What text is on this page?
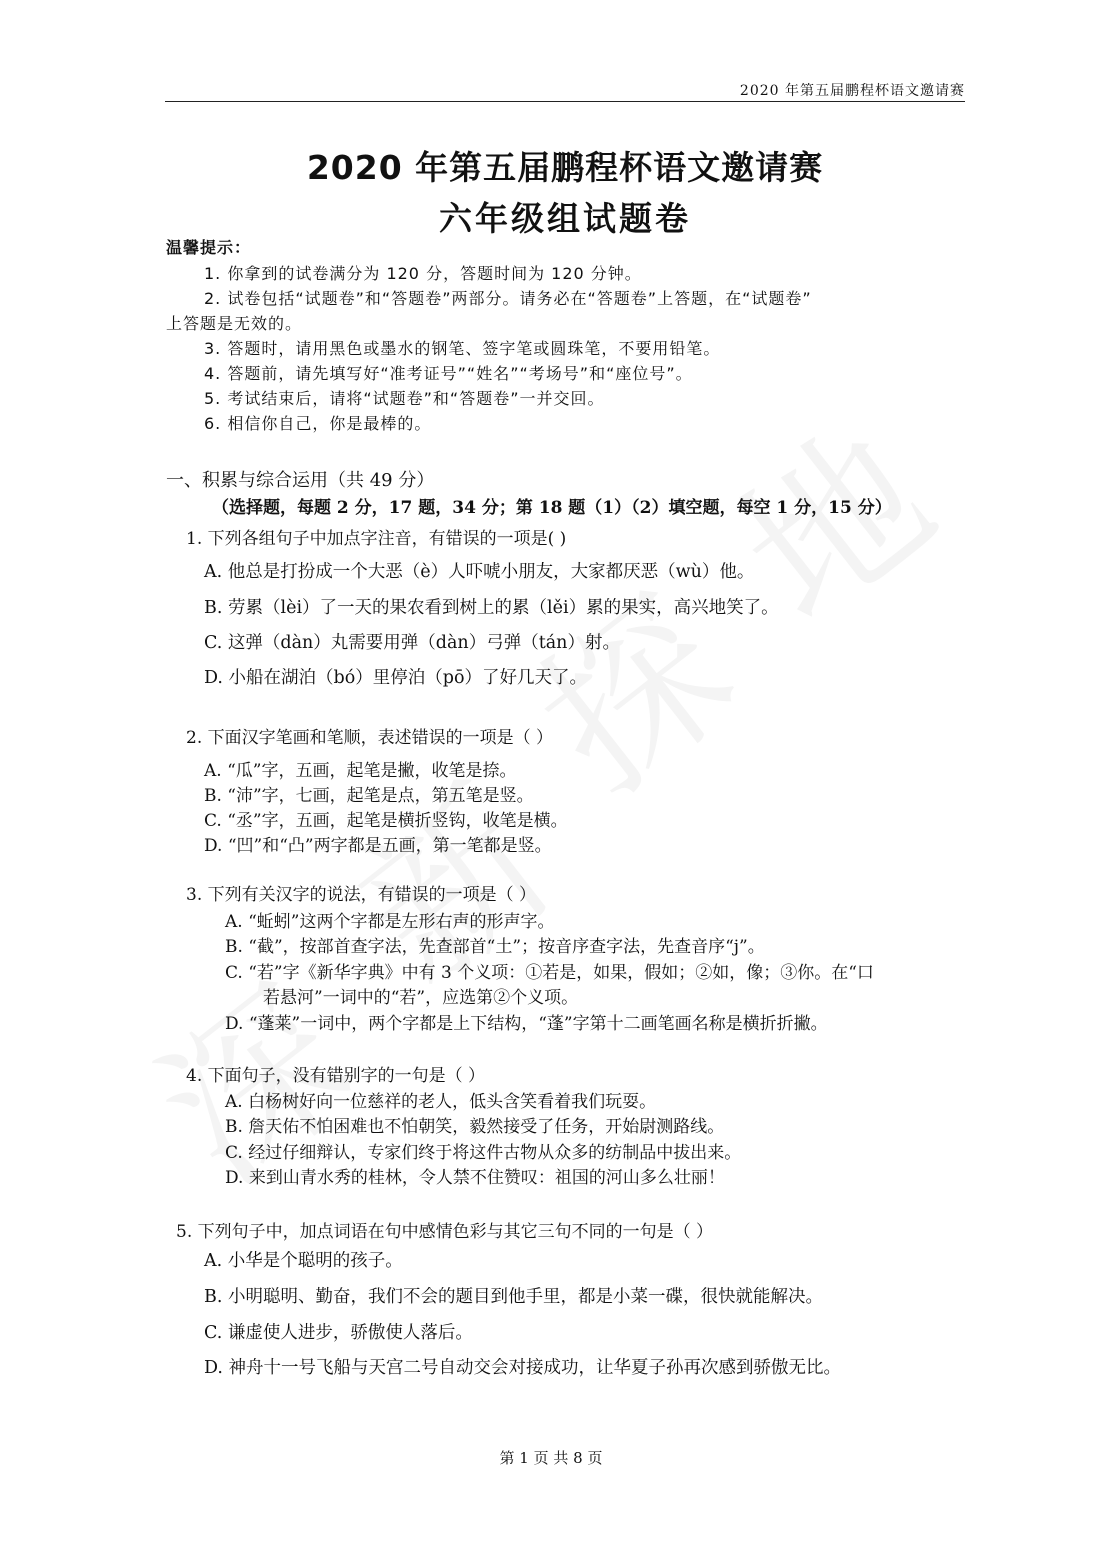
2020 年第五届鹏程杯语文邀请赛
2020 年第五届鹏程杯语文邀请赛
六年级组试题卷
温馨提示：
1. 你拿到的试卷满分为 120 分，答题时间为 120 分钟。
2. 试卷包括“试题卷”和“答题卷”两部分。请务必在“答题卷”上答题，在“试题卷”
上答题是无效的。
3. 答题时，请用黑色或墨水的钢笔、签字笔或圆珠笔，不要用铅笔。
4. 答题前，请先填写好“准考证号”“姓名”“考场号”和“座位号”。
5. 考试结束后，请将“试题卷”和“答题卷”一并交回。
6. 相信你自己，你是最棒的。
一、积累与综合运用（共 49 分）
（选择题，每题 2 分，17 题，34 分；第 18 题（1）（2）填空题，每空 1 分，15 分）
1. 下列各组句子中加点字注音，有错误的一项是( )
A. 他总是打扮成一个大恶（è）人吓唬小朋友，大家都厌恶（wù）他。
B. 劳累（lèi）了一天的果农看到树上的累（lěi）累的果实，高兴地笑了。
C. 这弹（dàn）丸需要用弹（dàn）弓弹（tán）射。
D. 小船在湖泊（bó）里停泊（pō）了好几天了。
2. 下面汉字笔画和笔顺，表述错误的一项是（ ）
A. “瓜”字，五画，起笔是撇，收笔是捺。
B. “沛”字，七画，起笔是点，第五笔是竖。
C. “丞”字，五画，起笔是横折竖钩，收笔是横。
D. “凹”和“凸”两字都是五画，第一笔都是竖。
3. 下列有关汉字的说法，有错误的一项是（ ）
A. “蚯蚓”这两个字都是左形右声的形声字。
B. “截”，按部首查字法，先查部首“土”；按音序查字法，先查音序“j”。
C. “若”字《新华字典》中有 3 个义项：①若是，如果，假如；②如，像；③你。在“口
若悬河”一词中的“若”，应选第②个义项。
D. “蓬莱”一词中，两个字都是上下结构，“蓬”字第十二画笔画名称是横折折撇。
4. 下面句子，没有错别字的一句是（ ）
A. 白杨树好向一位慈祥的老人，低头含笑看着我们玩耍。
B. 詹天佑不怕困难也不怕朝笑，毅然接受了任务，开始尉测路线。
C. 经过仔细辩认，专家们终于将这件古物从众多的纺制品中拔出来。
D. 来到山青水秀的桂林，令人禁不住赞叹：祖国的河山多么壮丽！
5. 下列句子中，加点词语在句中感情色彩与其它三句不同的一句是（ ）
A. 小华是个聪明的孩子。
B. 小明聪明、勤奋，我们不会的题目到他手里，都是小菜一碟，很快就能解决。
C. 谦虚使人进步，骄傲使人落后。
D. 神舟十一号飞船与天宫二号自动交会对接成功，让华夏子孙再次感到骄傲无比。
第 1 页 共 8 页
